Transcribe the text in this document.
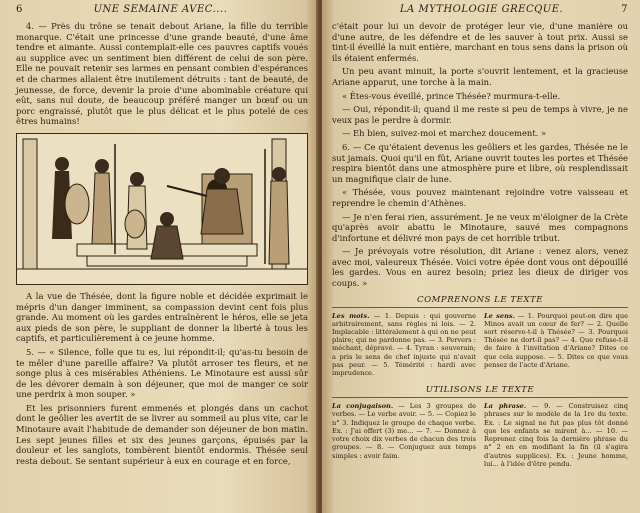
6	UNE SEMAINE AVEC....

4. — Près du trône se tenait debout Ariane, la fille du terrible monarque. C'était une princesse d'une grande beauté, d'une âme tendre et aimante. Aussi contemplait-elle ces pauvres captifs voués au supplice avec un sentiment bien différent de celui de son père. Elle ne pouvait retenir ses larmes en pensant combien d'espérances et de charmes allaient être inutilement détruits : tant de beauté, de jeunesse, de force, devenir la proie d'une abominable créature qui eût, sans nul doute, de beaucoup préféré manger un bœuf ou un porc engraissé, plutôt que le plus délicat et le plus potelé de ces êtres humains!

A la vue de Thésée, dont la figure noble et décidée exprimait le mépris d'un danger imminent, sa compassion devint cent fois plus grande. Au moment où les gardes entraînèrent le héros, elle se jeta aux pieds de son père, le suppliant de donner la liberté à tous les captifs, et particulièrement à ce jeune homme.

5. — « Silence, folle que tu es, lui répondit-il; qu'as-tu besoin de te mêler d'une pareille affaire? Va plutôt arroser tes fleurs, et ne songe plus à ces misérables Athéniens. Le Minotaure est aussi sûr de les dévorer demain à son déjeuner, que moi de manger ce soir une perdrix à mon souper. »

Et les prisonniers furent emmenés et plongés dans un cachot dont le geôlier les avertit de se livrer au sommeil au plus vite, car le Minotaure avait l'habitude de demander son déjeuner de bon matin. Les sept jeunes filles et six des jeunes garçons, épuisés par la douleur et les sanglots, tombèrent bientôt endormis. Thésée seul resta debout. Se sentant supérieur à eux en courage et en force,

LA MYTHOLOGIE GRECQUE.	7

c'était pour lui un devoir de protéger leur vie, d'une manière ou d'une autre, de les défendre et de les sauver à tout prix. Aussi se tint-il éveillé la nuit entière, marchant en tous sens dans la prison où ils étaient enfermés.

Un peu avant minuit, la porte s'ouvrit lentement, et la gracieuse Ariane apparut, une torche à la main.

« Êtes-vous éveillé, prince Thésée? murmura-t-elle.

— Oui, répondit-il; quand il me reste si peu de temps à vivre, je ne veux pas le perdre à dormir.

— Eh bien, suivez-moi et marchez doucement. »

6. — Ce qu'étaient devenus les geôliers et les gardes, Thésée ne le sut jamais. Quoi qu'il en fût, Ariane ouvrit toutes les portes et Thésée respira bientôt dans une atmosphère pure et libre, où resplendissait un magnifique clair de lune.

« Thésée, vous pouvez maintenant rejoindre votre vaisseau et reprendre le chemin d'Athènes.

— Je n'en ferai rien, assurément. Je ne veux m'éloigner de la Crète qu'après avoir abattu le Minotaure, sauvé mes compagnons d'infortune et délivré mon pays de cet horrible tribut.

— Je prévoyais votre résolution, dit Ariane : venez alors, venez avec moi, valeureux Thésée. Voici votre épée dont vous ont dépouillé les gardes. Vous en aurez besoin; priez les dieux de diriger vos coups. »

COMPRENONS LE TEXTE
Les mots. — 1. Depuis : qui gouverne arbitrairement, sans règles ni lois. — 2. Implacable : littéralement à qui on ne peut plaire; qui ne pardonne pas. — 3. Pervers : méchant, dépravé. — 4. Tyran : souverain; a pris le sens de chef injuste qui n'avait pas peur. — 5. Témérité : hardi avec imprudence.
Le sens. — 1. Pourquoi peut-on dire que Minos avait un cœur de fer? — 2. Quelle sort réserve-t-il à Thésée? — 3. Pourquoi Thésée ne dort-il pas? — 4. Que refuse-t-il de faire à l'invitation d'Ariane? Dites ce que cela suppose. — 5. Dites ce que vous pensez de l'acte d'Ariane.
UTILISONS LE TEXTE
La conjugaison. — Les 3 groupes de verbes. — Le verbe avoir. — 5. — Copiez le n° 3. Indiquez le groupe de chaque verbe. Ex. : J'ai offert (3) me... — 7. — Donnez à votre choix dix verbes de chacun des trois groupes. — 8. — Conjuguez aux temps simples : avoir faim.
La phrase. — 9. — Construisez cinq phrases sur le modèle de la 1re du texte. Ex. : Le signal ne fut pas plus tôt donné que les enfants se mirent à... — 10. — Reprenez cinq fois la dernière phrase du n° 2 en en modifiant la fin (il s'agira d'autres supplices). Ex. : Jeune homme, lui... à l'idée d'être pendu.
